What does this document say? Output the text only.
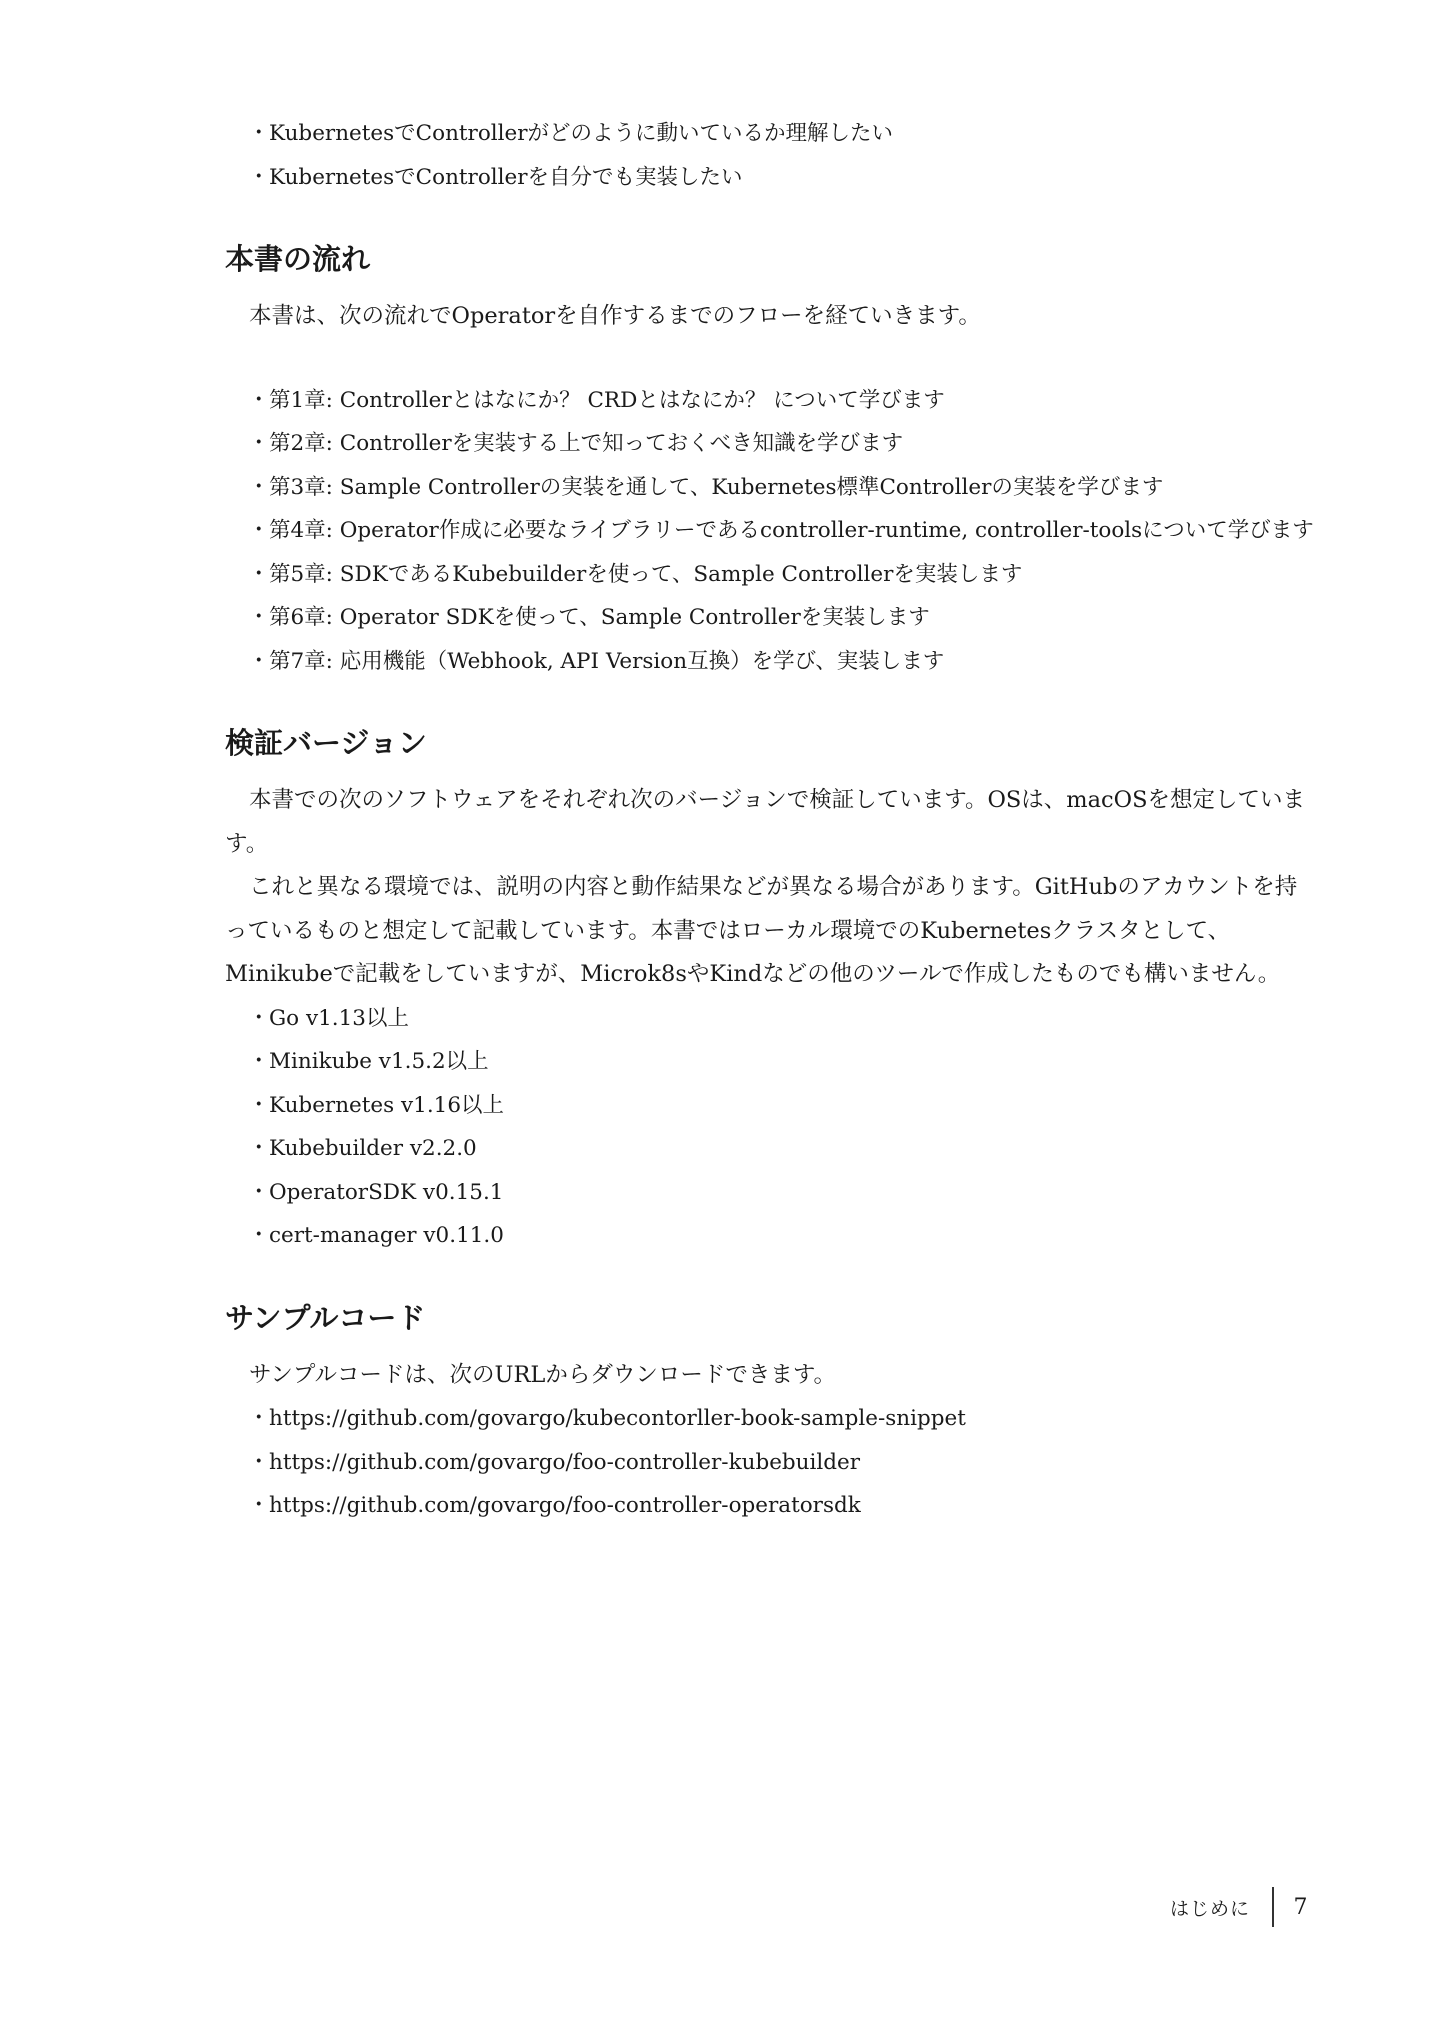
・ KubernetesでControllerがどのように動いているか理解したい
・ KubernetesでControllerを自分でも実装したい
本書の流れ

本書は、次の流れでOperatorを自作するまでのフローを経ていきます。

・ 第1章: Controllerとはなにか？ CRDとはなにか？ について学びます
・ 第2章: Controllerを実装する上で知っておくべき知識を学びます
・ 第3章: Sample Controllerの実装を通して、Kubernetes標準Controllerの実装を学びます
・ 第4章: Operator作成に必要なライブラリーであるcontroller-runtime, controller-toolsについて学びます
・ 第5章: SDKであるKubebuilderを使って、Sample Controllerを実装します
・ 第6章: Operator SDKを使って、Sample Controllerを実装します
・ 第7章: 応用機能（Webhook, API Version互換）を学び、実装します
検証バージョン

本書での次のソフトウェアをそれぞれ次のバージョンで検証しています。OSは、macOSを想定しています。

これと異なる環境では、説明の内容と動作結果などが異なる場合があります。GitHubのアカウントを持っているものと想定して記載しています。本書ではローカル環境でのKubernetesクラスタとして、Minikubeで記載をしていますが、Microk8sやKindなどの他のツールで作成したものでも構いません。

・ Go v1.13以上
・ Minikube v1.5.2以上
・ Kubernetes v1.16以上
・ Kubebuilder v2.2.0
・ OperatorSDK v0.15.1
・ cert-manager v0.11.0
サンプルコード

サンプルコードは、次のURLからダウンロードできます。

・ https://github.com/govargo/kubecontorller-book-sample-snippet
・ https://github.com/govargo/foo-controller-kubebuilder
・ https://github.com/govargo/foo-controller-operatorsdk
はじめに 7
